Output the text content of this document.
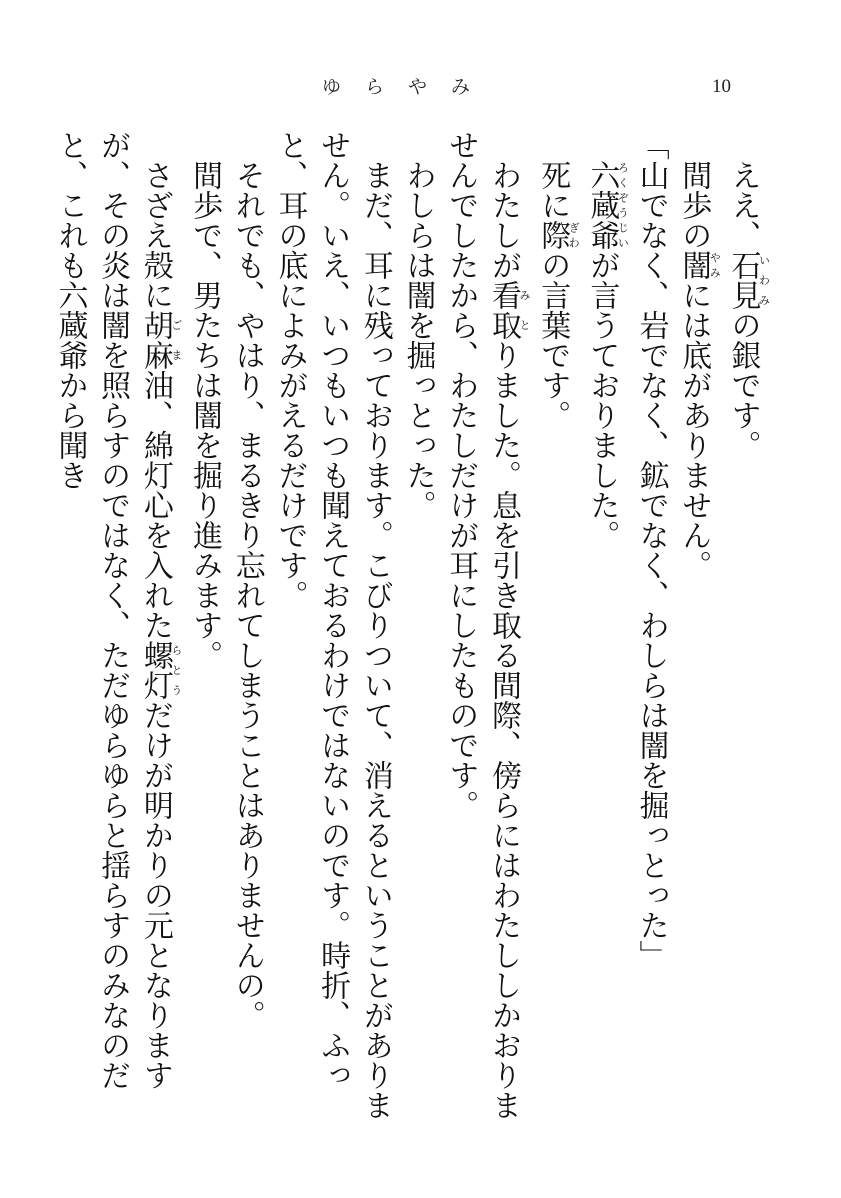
ゆらやみ	10

ええ、石見いわみの銀です。

間歩の闇やみには底がありません。

「山でなく、岩でなく、鉱でなく、わしらは闇を掘っとった」

六蔵爺ろくぞうじいが言うておりました。

死に際ぎわの言葉です。

わたしが看取みとりました。息を引き取る間際、傍らにはわたししかおりませんでしたから、わたしだけが耳にしたものです。

わしらは闇を掘っとった。

まだ、耳に残っております。こびりついて、消えるということがありません。いえ、いつもいつも聞えておるわけではないのです。時折、ふっと、耳の底によみがえるだけです。

それでも、やはり、まるきり忘れてしまうことはありませんの。

間歩で、男たちは闇を掘り進みます。

さざえ殻に胡麻ごま油、綿灯心を入れた螺灯らとうだけが明かりの元となりますが、その炎は闇を照らすのではなく、ただゆらゆらと揺らすのみなのだと、これも六蔵爺から聞き
